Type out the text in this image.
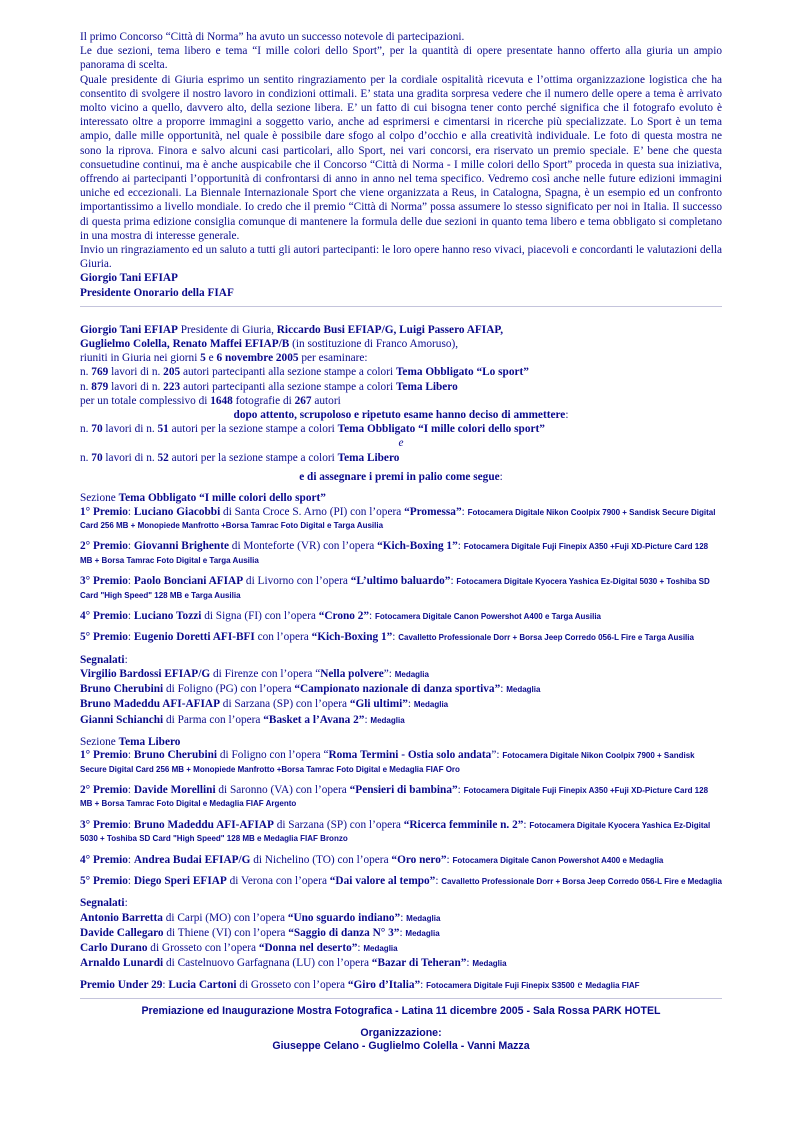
Il primo Concorso “Città di Norma” ha avuto un successo notevole di partecipazioni.

Le due sezioni, tema libero e tema “I mille colori dello Sport”, per la quantità di opere presentate hanno offerto alla giuria un ampio panorama di scelta.

Quale presidente di Giuria esprimo un sentito ringraziamento per la cordiale ospitalità ricevuta e l’ottima organizzazione logistica che ha consentito di svolgere il nostro lavoro in condizioni ottimali. E’ stata una gradita sorpresa vedere che il numero delle opere a tema è arrivato molto vicino a quello, davvero alto, della sezione libera. E’ un fatto di cui bisogna tener conto perché significa che il fotografo evoluto è interessato oltre a proporre immagini a soggetto vario, anche ad esprimersi e cimentarsi in ricerche più specializzate. Lo Sport è un tema ampio, dalle mille opportunità, nel quale è possibile dare sfogo al colpo d’occhio e alla creatività individuale. Le foto di questa mostra ne sono la riprova. Finora e salvo alcuni casi particolari, allo Sport, nei vari concorsi, era riservato un premio speciale. E’ bene che questa consuetudine continui, ma è anche auspicabile che il Concorso “Città di Norma - I mille colori dello Sport” proceda in questa sua iniziativa, offrendo ai partecipanti l’opportunità di confrontarsi di anno in anno nel tema specifico. Vedremo così anche nelle future edizioni immagini uniche ed eccezionali. La Biennale Internazionale Sport che viene organizzata a Reus, in Catalogna, Spagna, è un esempio ed un confronto importantissimo a livello mondiale. Io credo che il premio “Città di Norma” possa assumere lo stesso significato per noi in Italia. Il successo di questa prima edizione consiglia comunque di mantenere la formula delle due sezioni in quanto tema libero e tema obbligato si completano in una mostra di interesse generale.

Invio un ringraziamento ed un saluto a tutti gli autori partecipanti: le loro opere hanno reso vivaci, piacevoli e concordanti le valutazioni della Giuria.

Giorgio Tani EFIAP

Presidente Onorario della FIAF

Giorgio Tani EFIAP Presidente di Giuria, Riccardo Busi EFIAP/G, Luigi Passero AFIAP,

Guglielmo Colella, Renato Maffei EFIAP/B (in sostituzione di Franco Amoruso),

riuniti in Giuria nei giorni 5 e 6 novembre 2005 per esaminare:

n. 769 lavori di n. 205 autori partecipanti alla sezione stampe a colori Tema Obbligato “Lo sport”

n. 879 lavori di n. 223 autori partecipanti alla sezione stampe a colori Tema Libero

per un totale complessivo di 1648 fotografie di 267 autori

dopo attento, scrupoloso e ripetuto esame hanno deciso di ammettere:

n. 70 lavori di n. 51 autori per la sezione stampe a colori Tema Obbligato “I mille colori dello sport”

e

n. 70 lavori di n. 52 autori per la sezione stampe a colori Tema Libero

e di assegnare i premi in palio come segue:

Sezione Tema Obbligato “I mille colori dello sport”

1° Premio: Luciano Giacobbi di Santa Croce S. Arno (PI) con l’opera “Promessa”: Fotocamera Digitale Nikon Coolpix 7900 + Sandisk Secure Digital Card 256 MB + Monopiede Manfrotto +Borsa Tamrac Foto Digital e Targa Ausilia

2° Premio: Giovanni Brighente di Monteforte (VR) con l’opera “Kich-Boxing 1”: Fotocamera Digitale Fuji Finepix A350 +Fuji XD-Picture Card 128 MB + Borsa Tamrac Foto Digital e Targa Ausilia

3° Premio: Paolo Bonciani AFIAP di Livorno con l’opera “L’ultimo baluardo”: Fotocamera Digitale Kyocera Yashica Ez-Digital 5030 + Toshiba SD Card "High Speed" 128 MB e Targa Ausilia

4° Premio: Luciano Tozzi di Signa (FI) con l’opera “Crono 2”: Fotocamera Digitale Canon Powershot A400 e Targa Ausilia

5° Premio: Eugenio Doretti AFI-BFI con l’opera “Kich-Boxing 1”: Cavalletto Professionale Dorr + Borsa Jeep Corredo 056-L Fire e Targa Ausilia

Segnalati:

Virgilio Bardossi EFIAP/G di Firenze con l’opera “Nella polvere”: Medaglia

Bruno Cherubini di Foligno (PG) con l’opera “Campionato nazionale di danza sportiva”: Medaglia

Bruno Madeddu AFI-AFIAP di Sarzana (SP) con l’opera “Gli ultimi”: Medaglia

Gianni Schianchi di Parma con l’opera “Basket a l’Avana 2”: Medaglia

Sezione Tema Libero

1° Premio: Bruno Cherubini di Foligno con l’opera “Roma Termini - Ostia solo andata”: Fotocamera Digitale Nikon Coolpix 7900 + Sandisk Secure Digital Card 256 MB + Monopiede Manfrotto +Borsa Tamrac Foto Digital e Medaglia FIAF Oro

2° Premio: Davide Morellini di Saronno (VA) con l’opera “Pensieri di bambina”: Fotocamera Digitale Fuji Finepix A350 +Fuji XD-Picture Card 128 MB + Borsa Tamrac Foto Digital e Medaglia FIAF Argento

3° Premio: Bruno Madeddu AFI-AFIAP di Sarzana (SP) con l’opera “Ricerca femminile n. 2”: Fotocamera Digitale Kyocera Yashica Ez-Digital 5030 + Toshiba SD Card "High Speed" 128 MB e Medaglia FIAF Bronzo

4° Premio: Andrea Budai EFIAP/G di Nichelino (TO) con l’opera “Oro nero”: Fotocamera Digitale Canon Powershot A400 e Medaglia

5° Premio: Diego Speri EFIAP di Verona con l’opera “Dai valore al tempo”: Cavalletto Professionale Dorr + Borsa Jeep Corredo 056-L Fire e Medaglia

Segnalati:

Antonio Barretta di Carpi (MO) con l’opera “Uno sguardo indiano”: Medaglia

Davide Callegaro di Thiene (VI) con l’opera “Saggio di danza N° 3”: Medaglia

Carlo Durano di Grosseto con l’opera “Donna nel deserto”: Medaglia

Arnaldo Lunardi di Castelnuovo Garfagnana (LU) con l’opera “Bazar di Teheran”: Medaglia

Premio Under 29: Lucia Cartoni di Grosseto con l’opera “Giro d’Italia”: Fotocamera Digitale Fuji Finepix S3500 e Medaglia FIAF

Premiazione ed Inaugurazione Mostra Fotografica - Latina 11 dicembre 2005 - Sala Rossa PARK HOTEL

Organizzazione:

Giuseppe Celano - Guglielmo Colella - Vanni Mazza
